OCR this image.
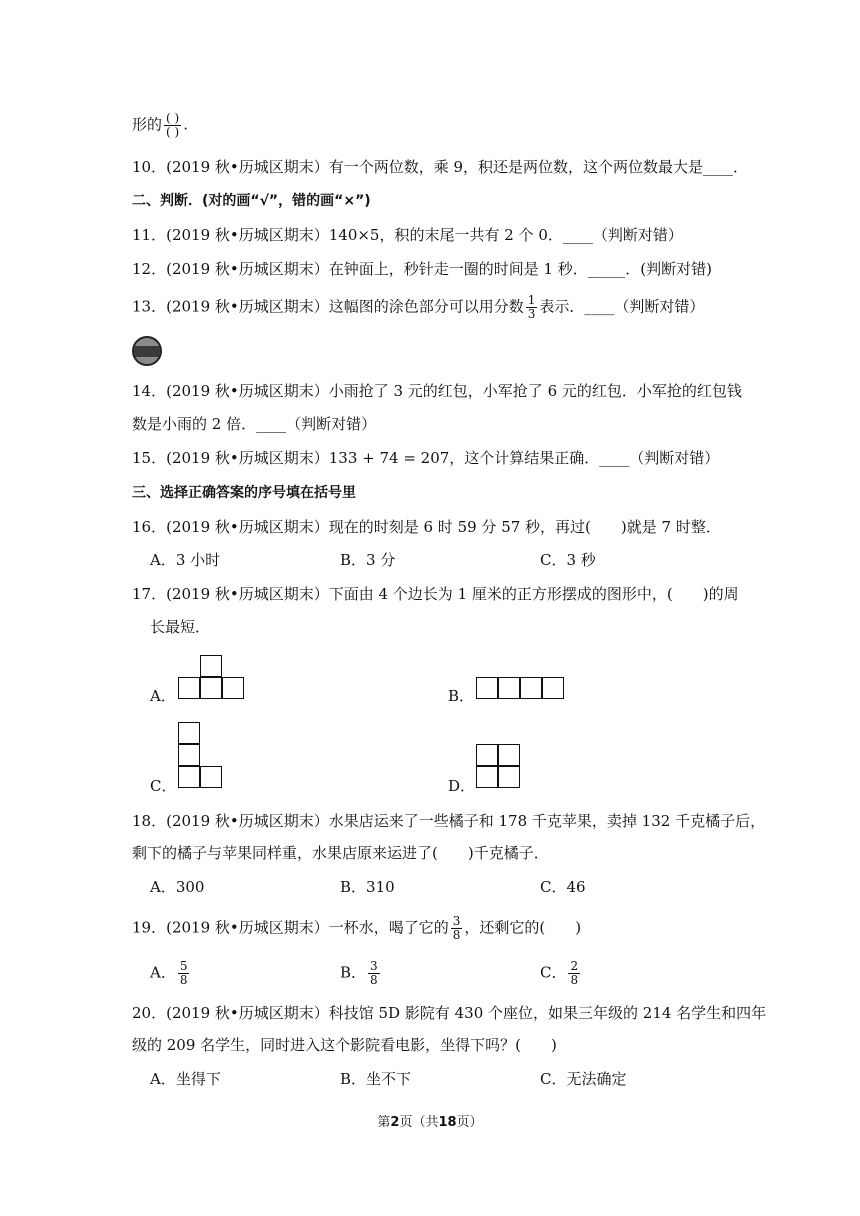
形的 $\frac{( )}{( )}$ .
10．(2019 秋•历城区期末）有一个两位数，乘 9，积还是两位数，这个两位数最大是____．
二、判断．(对的画“√”，错的画“×”)
11．(2019 秋•历城区期末）140×5，积的末尾一共有 2 个 0．____（判断对错）
12．(2019 秋•历城区期末）在钟面上，秒针走一圈的时间是 1 秒．_____．(判断对错)
13．(2019 秋•历城区期末）这幅图的涂色部分可以用分数 $\frac{1}{3}$ 表示．____（判断对错）
14．(2019 秋•历城区期末）小雨抢了 3 元的红包，小军抢了 6 元的红包．小军抢的红包钱
数是小雨的 2 倍．____（判断对错）
15．(2019 秋•历城区期末）133 + 74 = 207，这个计算结果正确．____（判断对错）
三、选择正确答案的序号填在括号里
16．(2019 秋•历城区期末）现在的时刻是 6 时 59 分 57 秒，再过(　　)就是 7 时整．
A．3 小时	B．3 分	C．3 秒
17．(2019 秋•历城区期末）下面由 4 个边长为 1 厘米的正方形摆成的图形中，(　　)的周
长最短．
A．	B．
C．	D．
18．(2019 秋•历城区期末）水果店运来了一些橘子和 178 千克苹果，卖掉 132 千克橘子后，
剩下的橘子与苹果同样重，水果店原来运进了(　　)千克橘子．
A．300	B．310	C．46
19．(2019 秋•历城区期末）一杯水，喝了它的 $\frac{3}{8}$ ，还剩它的(　　)
A． $\frac{5}{8}$	B． $\frac{3}{8}$	C． $\frac{2}{8}$
20．(2019 秋•历城区期末）科技馆 5D 影院有 430 个座位，如果三年级的 214 名学生和四年
级的 209 名学生，同时进入这个影院看电影，坐得下吗？(　　)
A．坐得下	B．坐不下	C．无法确定
第2页（共18页）
